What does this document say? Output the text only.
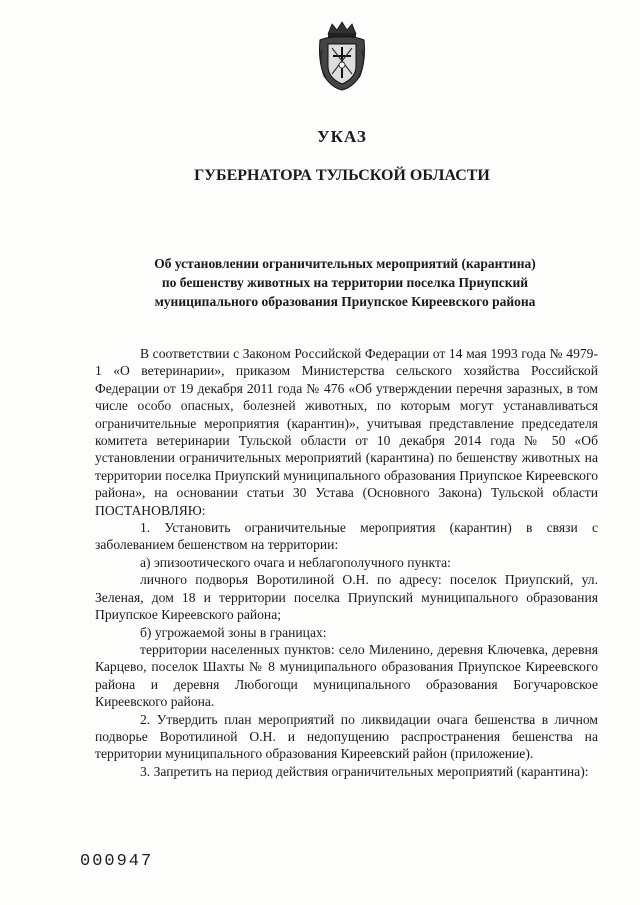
УКАЗ
ГУБЕРНАТОРА ТУЛЬСКОЙ ОБЛАСТИ
Об установлении ограничительных мероприятий (карантина)
по бешенству животных на территории поселка Приупский
муниципального образования Приупское Киреевского района

В соответствии с Законом Российской Федерации от 14 мая 1993 года № 4979-1 «О ветеринарии», приказом Министерства сельского хозяйства Российской Федерации от 19 декабря 2011 года № 476 «Об утверждении перечня заразных, в том числе особо опасных, болезней животных, по которым могут устанавливаться ограничительные мероприятия (карантин)», учитывая представление председателя комитета ветеринарии Тульской области от 10 декабря 2014 года № 50 «Об установлении ограничительных мероприятий (карантина) по бешенству животных на территории поселка Приупский муниципального образования Приупское Киреевского района», на основании статьи 30 Устава (Основного Закона) Тульской области ПОСТАНОВЛЯЮ:

1. Установить ограничительные мероприятия (карантин) в связи с заболеванием бешенством на территории:

а) эпизоотического очага и неблагополучного пункта:

личного подворья Воротилиной О.Н. по адресу: поселок Приупский, ул. Зеленая, дом 18 и территории поселка Приупский муниципального образования Приупское Киреевского района;

б) угрожаемой зоны в границах:

территории населенных пунктов: село Миленино, деревня Ключевка, деревня Карцево, поселок Шахты № 8 муниципального образования Приупское Киреевского района и деревня Любогощи муниципального образования Богучаровское Киреевского района.

2. Утвердить план мероприятий по ликвидации очага бешенства в личном подворье Воротилиной О.Н. и недопущению распространения бешенства на территории муниципального образования Киреевский район (приложение).

3. Запретить на период действия ограничительных мероприятий (карантина):

000947
